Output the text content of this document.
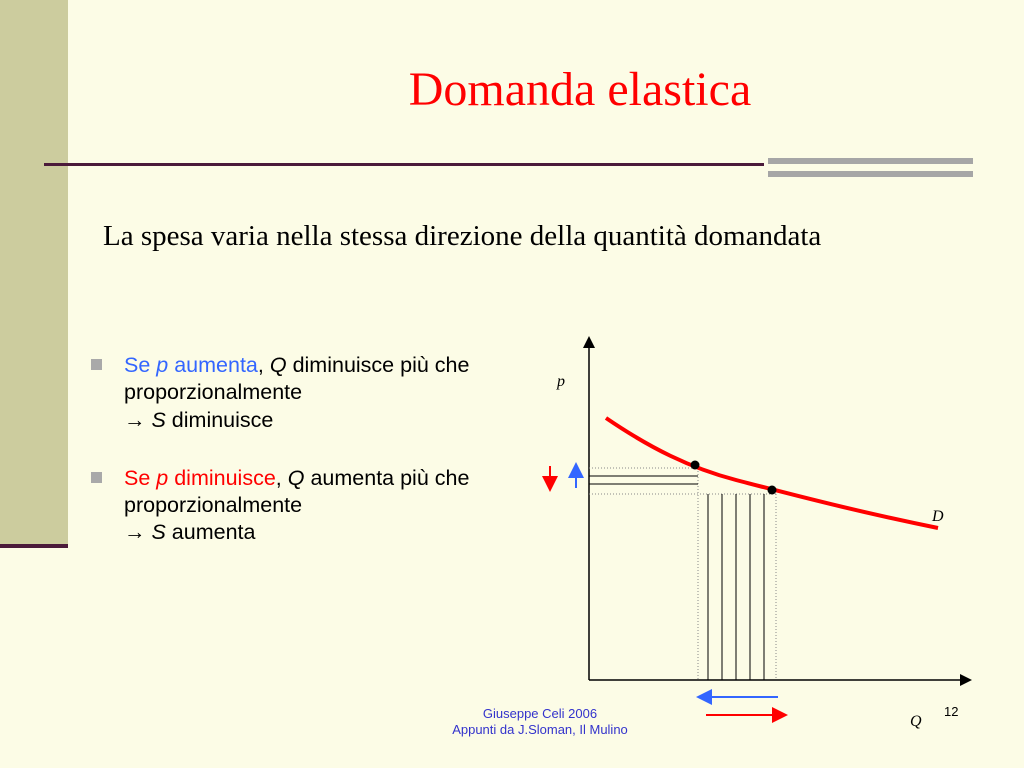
Domanda elastica
La spesa varia nella stessa direzione della quantità domandata
Se p aumenta, Q diminuisce più che proporzionalmente
→ S diminuisce
Se p diminuisce, Q aumenta più che proporzionalmente
→ S aumenta
p
Q
D
Giuseppe Celi 2006
Appunti da J.Sloman, Il Mulino
12
